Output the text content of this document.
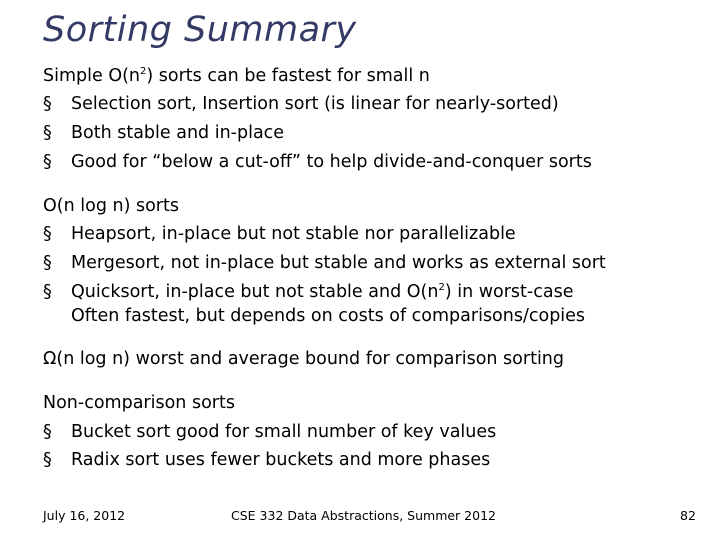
Sorting Summary
Simple $O(n^2)$ sorts can be fastest for small n
§ Selection sort, Insertion sort (is linear for nearly-sorted)
§ Both stable and in-place
§ Good for “below a cut-off” to help divide-and-conquer sorts
O(n log n) sorts
§ Heapsort, in-place but not stable nor parallelizable
§ Mergesort, not in-place but stable and works as external sort
§ Quicksort, in-place but not stable and $O(n^2)$ in worst-case
Often fastest, but depends on costs of comparisons/copies
Ω(n log n) worst and average bound for comparison sorting
Non-comparison sorts
§ Bucket sort good for small number of key values
§ Radix sort uses fewer buckets and more phases
July 16, 2012	CSE 332 Data Abstractions, Summer 2012	82
